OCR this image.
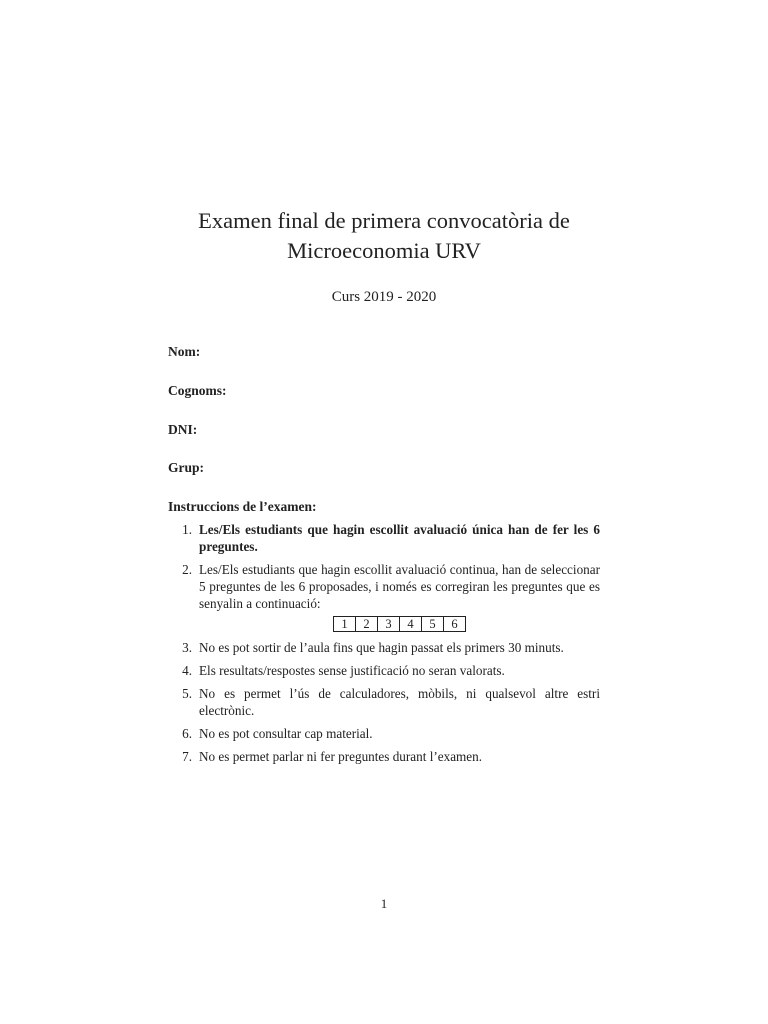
Examen final de primera convocatòria de
Microeconomia URV

Curs 2019 - 2020

Nom:

Cognoms:

DNI:

Grup:

Instruccions de l’examen:

1. Les/Els estudiants que hagin escollit avaluació única han de fer les 6 preguntes.
2. Les/Els estudiants que hagin escollit avaluació continua, han de seleccionar 5 preguntes de les 6 proposades, i només es corregiran les preguntes que es senyalin a continuació:
1	2	3	4	5	6
3. No es pot sortir de l’aula fins que hagin passat els primers 30 minuts.
4. Els resultats/respostes sense justificació no seran valorats.
5. No es permet l’ús de calculadores, mòbils, ni qualsevol altre estri electrònic.
6. No es pot consultar cap material.
7. No es permet parlar ni fer preguntes durant l’examen.

1
